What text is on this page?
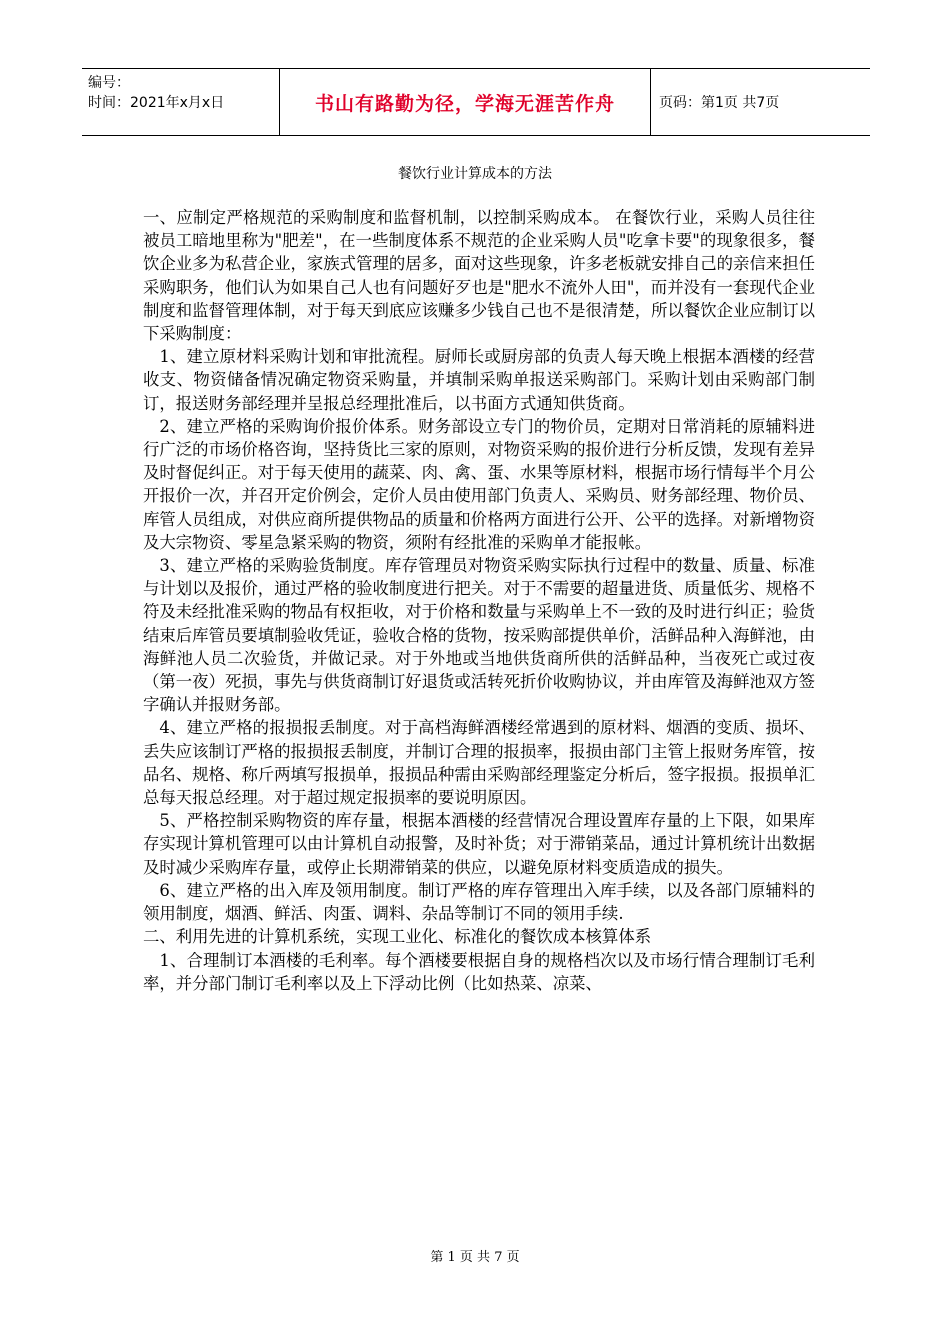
编号：
时间：2021年x月x日	书山有路勤为径，学海无涯苦作舟	页码：第1页 共7页
餐饮行业计算成本的方法

一、应制定严格规范的采购制度和监督机制，以控制采购成本。 在餐饮行业，采购人员往往被员工暗地里称为"肥差"，在一些制度体系不规范的企业采购人员"吃拿卡要"的现象很多，餐饮企业多为私营企业，家族式管理的居多，面对这些现象，许多老板就安排自己的亲信来担任采购职务，他们认为如果自己人也有问题好歹也是"肥水不流外人田"，而并没有一套现代企业制度和监督管理体制，对于每天到底应该赚多少钱自己也不是很清楚，所以餐饮企业应制订以下采购制度：

1、建立原材料采购计划和审批流程。厨师长或厨房部的负责人每天晚上根据本酒楼的经营收支、物资储备情况确定物资采购量，并填制采购单报送采购部门。采购计划由采购部门制订，报送财务部经理并呈报总经理批准后，以书面方式通知供货商。

2、建立严格的采购询价报价体系。财务部设立专门的物价员，定期对日常消耗的原辅料进行广泛的市场价格咨询，坚持货比三家的原则，对物资采购的报价进行分析反馈，发现有差异及时督促纠正。对于每天使用的蔬菜、肉、禽、蛋、水果等原材料，根据市场行情每半个月公开报价一次，并召开定价例会，定价人员由使用部门负责人、采购员、财务部经理、物价员、库管人员组成，对供应商所提供物品的质量和价格两方面进行公开、公平的选择。对新增物资及大宗物资、零星急紧采购的物资，须附有经批准的采购单才能报帐。

3、建立严格的采购验货制度。库存管理员对物资采购实际执行过程中的数量、质量、标准与计划以及报价，通过严格的验收制度进行把关。对于不需要的超量进货、质量低劣、规格不符及未经批准采购的物品有权拒收，对于价格和数量与采购单上不一致的及时进行纠正；验货结束后库管员要填制验收凭证，验收合格的货物，按采购部提供单价，活鲜品种入海鲜池，由海鲜池人员二次验货，并做记录。对于外地或当地供货商所供的活鲜品种，当夜死亡或过夜（第一夜）死损，事先与供货商制订好退货或活转死折价收购协议，并由库管及海鲜池双方签字确认并报财务部。

4、建立严格的报损报丢制度。对于高档海鲜酒楼经常遇到的原材料、烟酒的变质、损坏、丢失应该制订严格的报损报丢制度，并制订合理的报损率，报损由部门主管上报财务库管，按品名、规格、称斤两填写报损单，报损品种需由采购部经理鉴定分析后，签字报损。报损单汇总每天报总经理。对于超过规定报损率的要说明原因。

5、严格控制采购物资的库存量，根据本酒楼的经营情况合理设置库存量的上下限，如果库存实现计算机管理可以由计算机自动报警，及时补货；对于滞销菜品，通过计算机统计出数据及时减少采购库存量，或停止长期滞销菜的供应，以避免原材料变质造成的损失。

6、建立严格的出入库及领用制度。制订严格的库存管理出入库手续，以及各部门原辅料的领用制度，烟酒、鲜活、肉蛋、调料、杂品等制订不同的领用手续.

二、利用先进的计算机系统，实现工业化、标准化的餐饮成本核算体系

1、合理制订本酒楼的毛利率。每个酒楼要根据自身的规格档次以及市场行情合理制订毛利率，并分部门制订毛利率以及上下浮动比例（比如热菜、凉菜、

第 1 页 共 7 页
